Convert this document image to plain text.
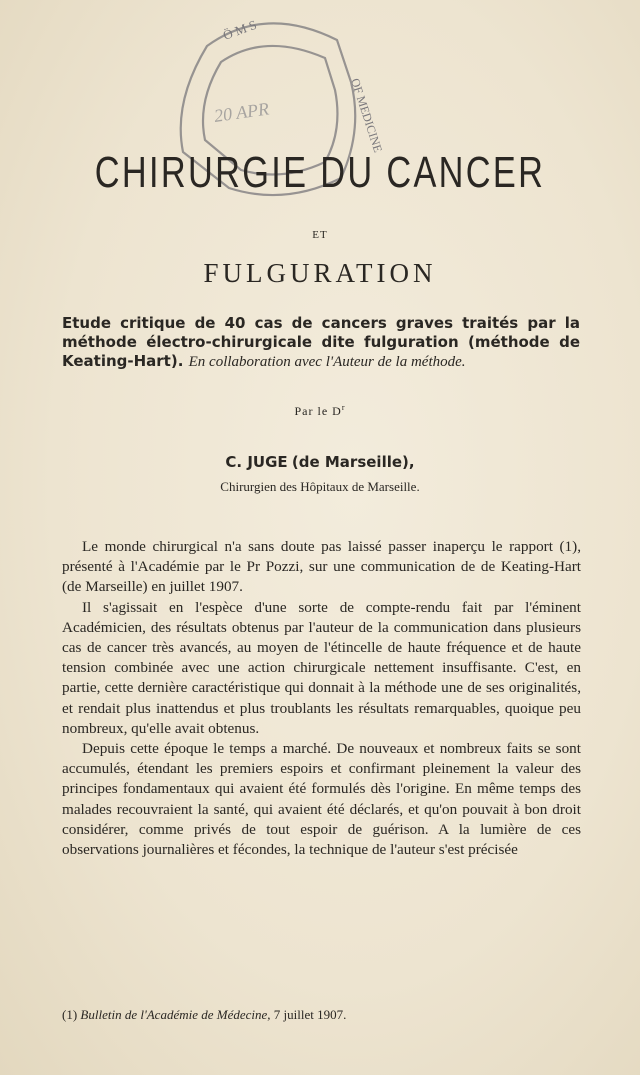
Ö M S
OF MEDICINE
20 APR
CHIRURGIE DU CANCER
ET
FULGURATION
Etude critique de 40 cas de cancers graves traités par la méthode électro-chirurgicale dite fulguration (méthode de Keating-Hart). En collaboration avec l'Auteur de la méthode.
Par le $D^r$
C. JUGE (de Marseille),
Chirurgien des Hôpitaux de Marseille.

Le monde chirurgical n'a sans doute pas laissé passer inaperçu le rapport (1), présenté à l'Académie par le Pr Pozzi, sur une communication de de Keating-Hart (de Marseille) en juillet 1907.

Il s'agissait en l'espèce d'une sorte de compte-rendu fait par l'éminent Académicien, des résultats obtenus par l'auteur de la communication dans plusieurs cas de cancer très avancés, au moyen de l'étincelle de haute fréquence et de haute tension combinée avec une action chirurgicale nettement insuffisante. C'est, en partie, cette dernière caractéristique qui donnait à la méthode une de ses originalités, et rendait plus inattendus et plus troublants les résultats remarquables, quoique peu nombreux, qu'elle avait obtenus.

Depuis cette époque le temps a marché. De nouveaux et nombreux faits se sont accumulés, étendant les premiers espoirs et confirmant pleinement la valeur des principes fondamentaux qui avaient été formulés dès l'origine. En même temps des malades recouvraient la santé, qui avaient été déclarés, et qu'on pouvait à bon droit considérer, comme privés de tout espoir de guérison. A la lumière de ces observations journalières et fécondes, la technique de l'auteur s'est précisée

(1) Bulletin de l'Académie de Médecine, 7 juillet 1907.
